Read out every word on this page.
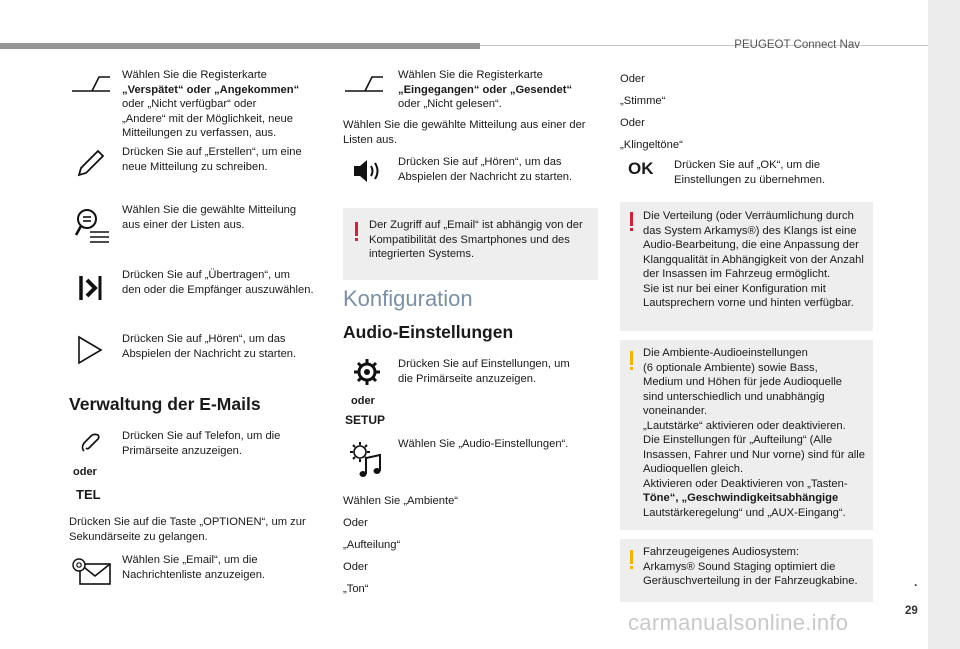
PEUGEOT Connect Nav
.
29
carmanualsonline.info
Wählen Sie die Registerkarte
„Verspätet“ oder „Angekommen“
oder „Nicht verfügbar“ oder
„Andere“ mit der Möglichkeit, neue
Mitteilungen zu verfassen, aus.
Drücken Sie auf „Erstellen“, um eine
neue Mitteilung zu schreiben.
Wählen Sie die gewählte Mitteilung
aus einer der Listen aus.
Drücken Sie auf „Übertragen“, um
den oder die Empfänger auszuwählen.
Drücken Sie auf „Hören“, um das
Abspielen der Nachricht zu starten.
Verwaltung der E-Mails
oder
TEL
Drücken Sie auf Telefon, um die
Primärseite anzuzeigen.
Drücken Sie auf die Taste „OPTIONEN“, um zur
Sekundärseite zu gelangen.
Wählen Sie „Email“, um die
Nachrichtenliste anzuzeigen.
Wählen Sie die Registerkarte
„Eingegangen“ oder „Gesendet“
oder „Nicht gelesen“.
Wählen Sie die gewählte Mitteilung aus einer der
Listen aus.
Drücken Sie auf „Hören“, um das
Abspielen der Nachricht zu starten.
Der Zugriff auf „Email“ ist abhängig von der
Kompatibilität des Smartphones und des
integrierten Systems.
Konfiguration
Audio-Einstellungen
oder
SETUP
Drücken Sie auf Einstellungen, um
die Primärseite anzuzeigen.
Wählen Sie „Audio-Einstellungen“.
Wählen Sie „Ambiente“
Oder
„Aufteilung“
Oder
„Ton“
Oder
„Stimme“
Oder
„Klingeltöne“
OK Drücken Sie auf „OK“, um die
Einstellungen zu übernehmen.
Die Verteilung (oder Verräumlichung durch
das System Arkamys®) des Klangs ist eine
Audio-Bearbeitung, die eine Anpassung der
Klangqualität in Abhängigkeit von der Anzahl
der Insassen im Fahrzeug ermöglicht.
Sie ist nur bei einer Konfiguration mit
Lautsprechern vorne und hinten verfügbar.
Die Ambiente-Audioeinstellungen
(6 optionale Ambiente) sowie Bass,
Medium und Höhen für jede Audioquelle
sind unterschiedlich und unabhängig
voneinander.
„Lautstärke“ aktivieren oder deaktivieren.
Die Einstellungen für „Aufteilung“ (Alle
Insassen, Fahrer und Nur vorne) sind für alle
Audioquellen gleich.
Aktivieren oder Deaktivieren von „Tasten-
Töne“, „Geschwindigkeitsabhängige
Lautstärkeregelung“ und „AUX-Eingang“.
Fahrzeugeigenes Audiosystem:
Arkamys® Sound Staging optimiert die
Geräuschverteilung in der Fahrzeugkabine.
